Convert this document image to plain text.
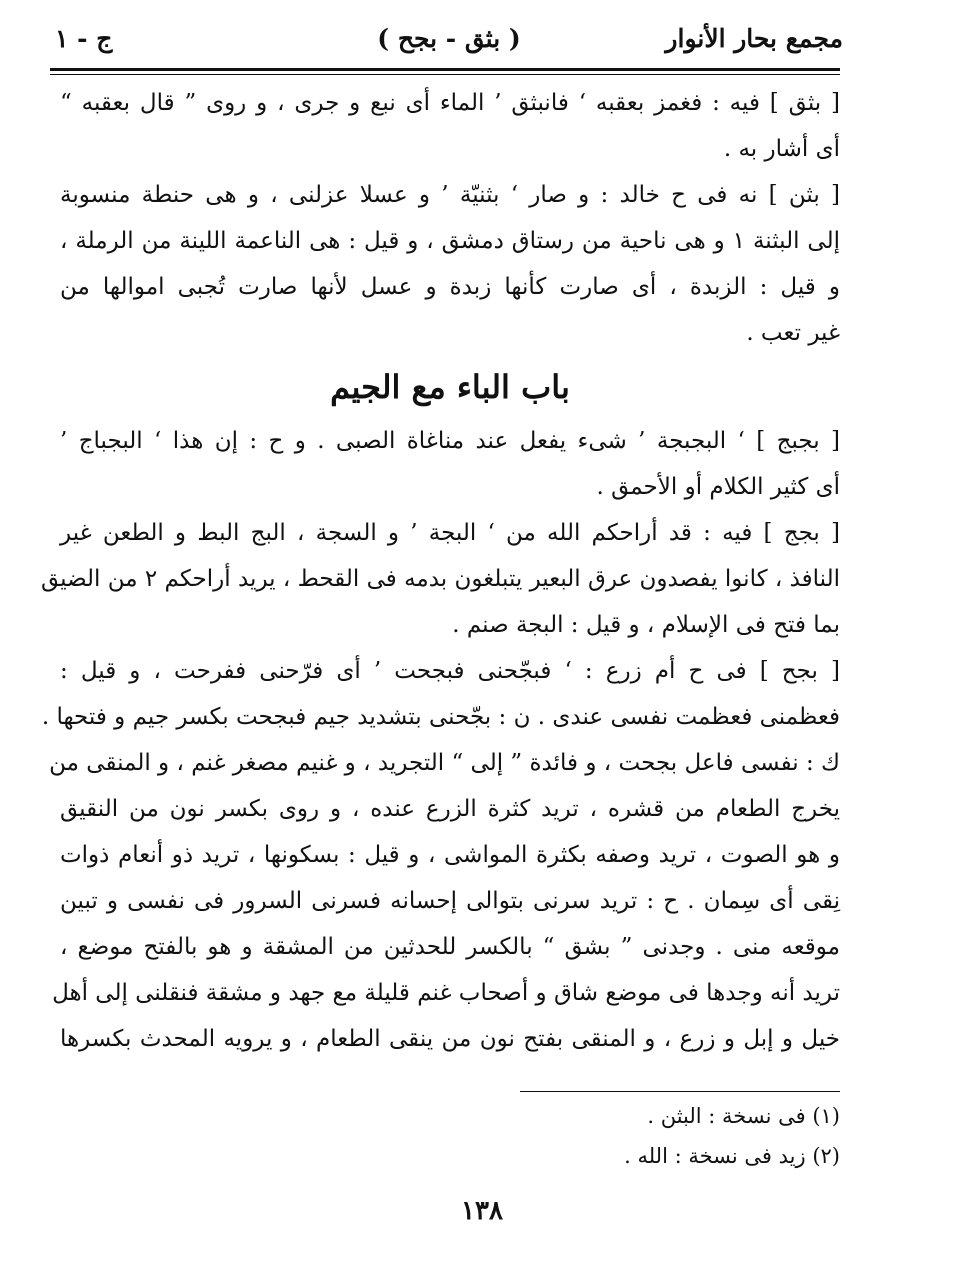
مجمع بحار الأنوار
( بثق - بجح )
ج - ١
[ بثق ] فيه : فغمز بعقبه ‘ فانبثق ’ الماء أى نبع و جرى ، و روى ” قال بعقبه “
أى أشار به .
[ بثن ] نه فى ح خالد : و صار ‘ بثنيّة ’ و عسلا عزلنى ، و هى حنطة منسوبة
إلى البثنة ١ و هى ناحية من رستاق دمشق ، و قيل : هى الناعمة اللينة من الرملة ،
و قيل : الزبدة ، أى صارت كأنها زبدة و عسل لأنها صارت تُجبى اموالها من
غير تعب .
باب الباء مع الجيم
[ بجبج ] ‘ البجبجة ’ شىء يفعل عند مناغاة الصبى . و ح : إن هذا ‘ البجباج ’
أى كثير الكلام أو الأحمق .
[ بجج ] فيه : قد أراحكم الله من ‘ البجة ’ و السجة ، البج البط و الطعن غير
النافذ ، كانوا يفصدون عرق البعير يتبلغون بدمه فى القحط ، يريد أراحكم ٢ من الضيق
بما فتح فى الإسلام ، و قيل : البجة صنم .
[ بجح ] فى ح أم زرع : ‘ فبجّحنى فبجحت ’ أى فرّحنى ففرحت ، و قيل :
فعظمنى فعظمت نفسى عندى . ن : بجّحنى بتشديد جيم فبجحت بكسر جيم و فتحها .
ك : نفسى فاعل بجحت ، و فائدة ” إلى “ التجريد ، و غنيم مصغر غنم ، و المنقى من
يخرج الطعام من قشره ، تريد كثرة الزرع عنده ، و روى بكسر نون من النقيق
و هو الصوت ، تريد وصفه بكثرة المواشى ، و قيل : بسكونها ، تريد ذو أنعام ذوات
نِقى أى سِمان . ح : تريد سرنى بتوالى إحسانه فسرنى السرور فى نفسى و تبين
موقعه منى . وجدنى ” بشق “ بالكسر للحدثين من المشقة و هو بالفتح موضع ،
تريد أنه وجدها فى موضع شاق و أصحاب غنم قليلة مع جهد و مشقة فنقلنى إلى أهل
خيل و إبل و زرع ، و المنقى بفتح نون من ينقى الطعام ، و يرويه المحدث بكسرها
(١) فى نسخة : البثن .
(٢) زيد فى نسخة : الله .
١٣٨
